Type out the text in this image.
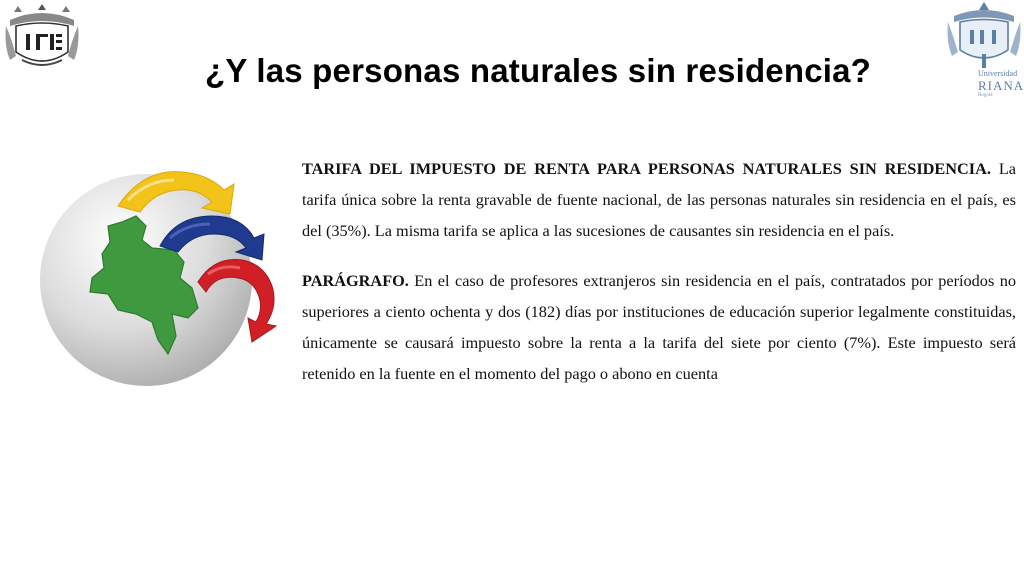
Universidad
RIANA
Bogotá
¿Y las personas naturales sin residencia?

TARIFA DEL IMPUESTO DE RENTA PARA PERSONAS NATURALES SIN RESIDENCIA. La tarifa única sobre la renta gravable de fuente nacional, de las personas naturales sin residencia en el país, es del (35%). La misma tarifa se aplica a las sucesiones de causantes sin residencia en el país.

PARÁGRAFO. En el caso de profesores extranjeros sin residencia en el país, contratados por períodos no superiores a ciento ochenta y dos (182) días por instituciones de educación superior legalmente constituidas, únicamente se causará impuesto sobre la renta a la tarifa del siete por ciento (7%). Este impuesto será retenido en la fuente en el momento del pago o abono en cuenta
